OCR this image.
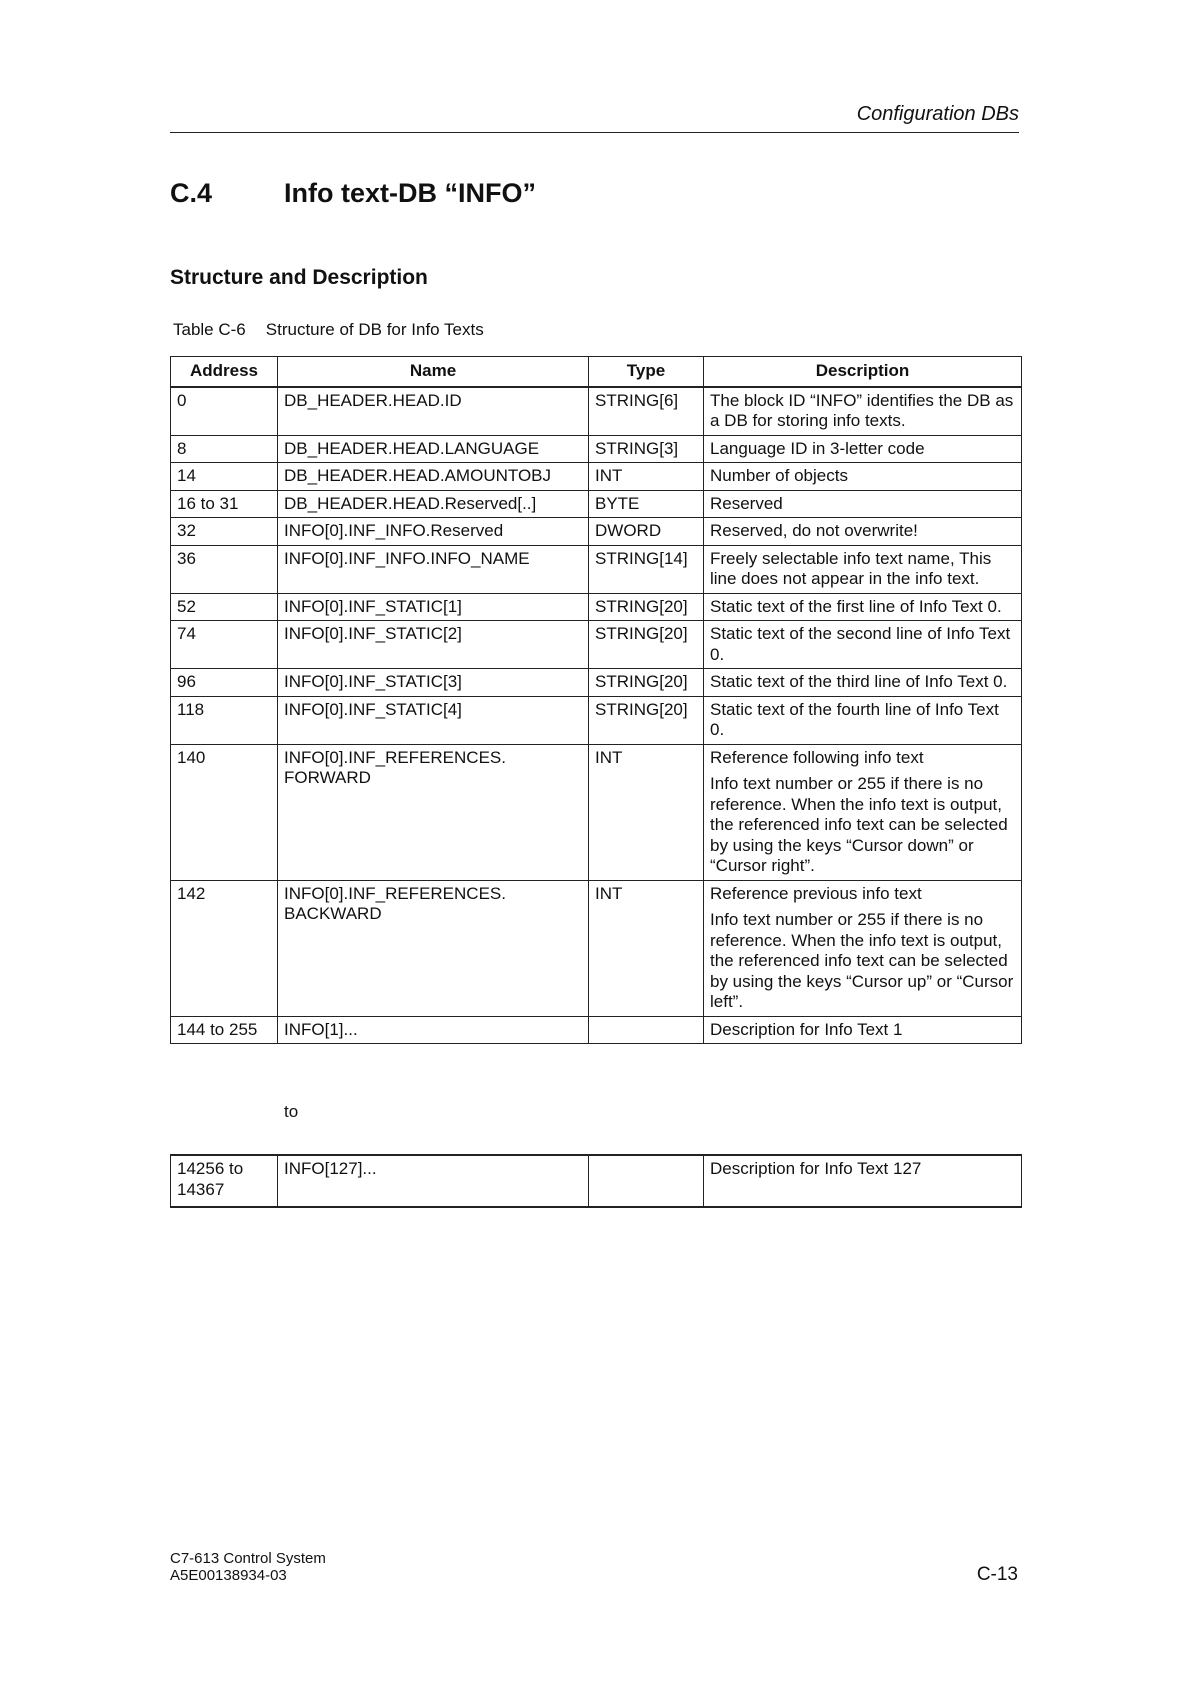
Configuration DBs
C.4	Info text-DB “INFO”
Structure and Description
Table C-6 Structure of DB for Info Texts
Address	Name	Type	Description
0	DB_HEADER.HEAD.ID	STRING[6]	The block ID “INFO” identifies the DB as a DB for storing info texts.
8	DB_HEADER.HEAD.LANGUAGE	STRING[3]	Language ID in 3-letter code
14	DB_HEADER.HEAD.AMOUNTOBJ	INT	Number of objects
16 to 31	DB_HEADER.HEAD.Reserved[..]	BYTE	Reserved
32	INFO[0].INF_INFO.Reserved	DWORD	Reserved, do not overwrite!
36	INFO[0].INF_INFO.INFO_NAME	STRING[14]	Freely selectable info text name, This line does not appear in the info text.
52	INFO[0].INF_STATIC[1]	STRING[20]	Static text of the first line of Info Text 0.
74	INFO[0].INF_STATIC[2]	STRING[20]	Static text of the second line of Info Text 0.
96	INFO[0].INF_STATIC[3]	STRING[20]	Static text of the third line of Info Text 0.
118	INFO[0].INF_STATIC[4]	STRING[20]	Static text of the fourth line of Info Text 0.
140	INFO[0].INF_REFERENCES. FORWARD	INT	Reference following info text
Info text number or 255 if there is no reference. When the info text is output, the referenced info text can be selected by using the keys “Cursor down” or “Cursor right”.

142	INFO[0].INF_REFERENCES. BACKWARD	INT	Reference previous info text
Info text number or 255 if there is no reference. When the info text is output, the referenced info text can be selected by using the keys “Cursor up” or “Cursor left”.

144 to 255	INFO[1]...		Description for Info Text 1
to
14256 to 14367	INFO[127]...		Description for Info Text 127
C7-613 Control System
A5E00138934-03	C-13
